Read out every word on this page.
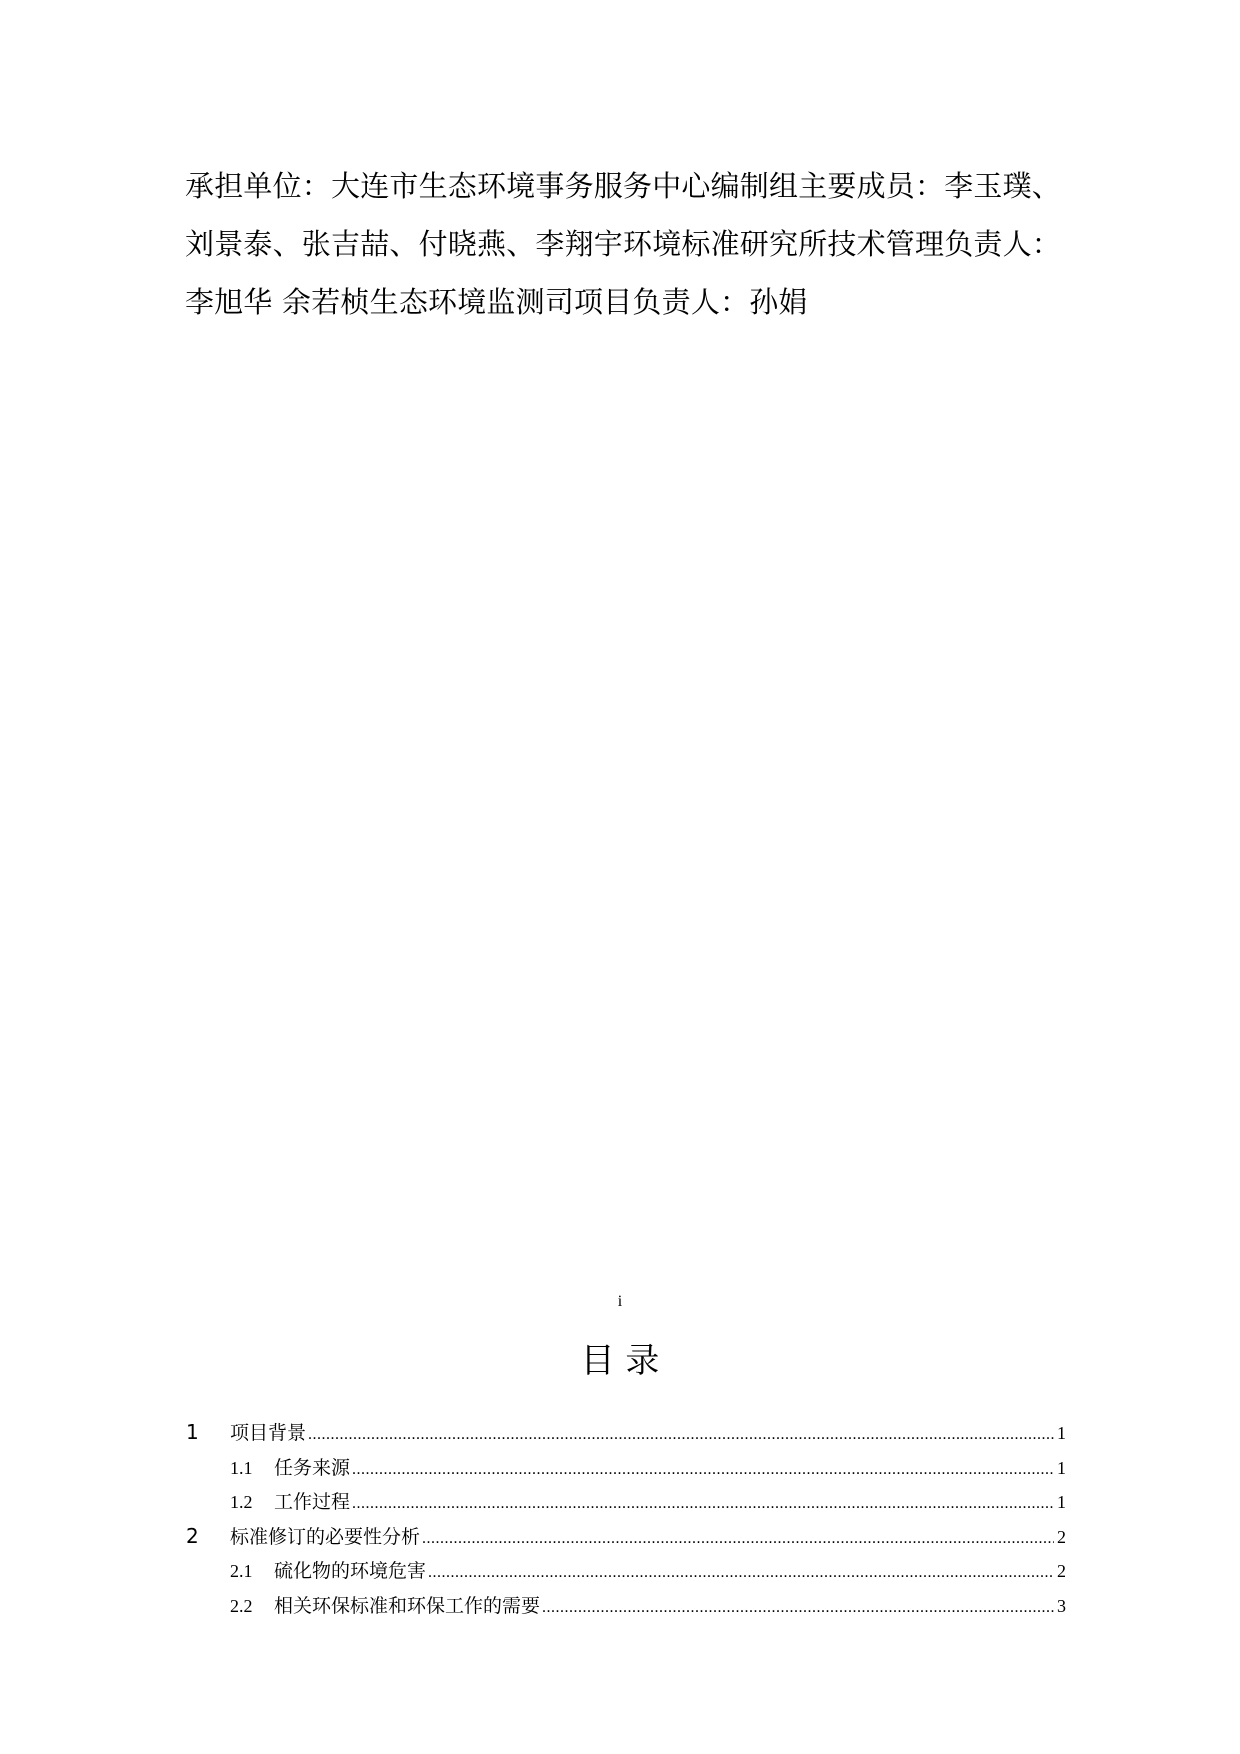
承担单位：大连市生态环境事务服务中心编制组主要成员：李玉璞、
刘景泰、张吉喆、付晓燕、李翔宇环境标准研究所技术管理负责人：
李旭华 余若桢生态环境监测司项目负责人：孙娟
i
目 录
1	项目背景 .....	1
1.1	任务来源 .....	1
1.2	工作过程 .....	1
2	标准修订的必要性分析 .....	2
2.1	硫化物的环境危害 .....	2
2.2	相关环保标准和环保工作的需要 .....	3
